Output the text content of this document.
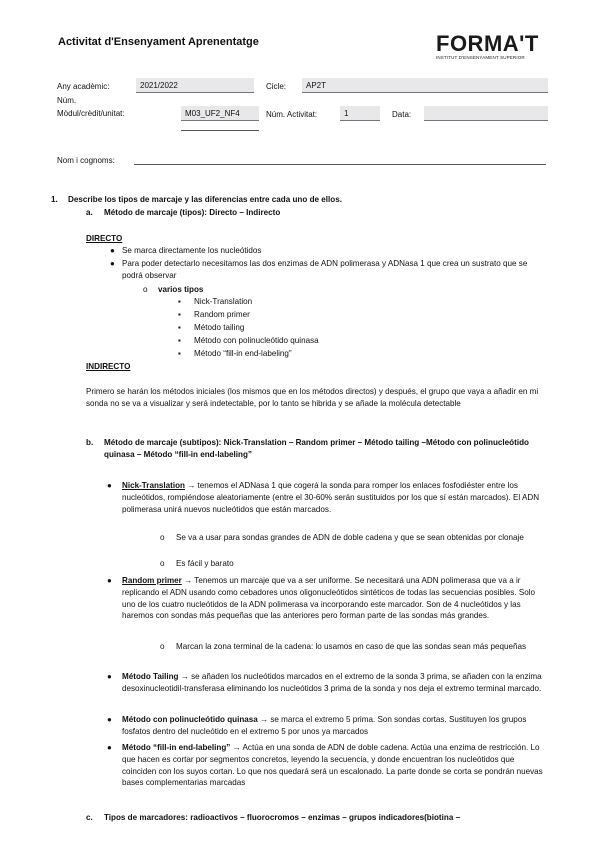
Activitat d'Ensenyament Aprenentatge	FORMA'T
INSTITUT D'ENSENYAMENT SUPERIOR
Any acadèmic:	2021/2022	Cicle:	AP2T
Núm.
Mòdul/crèdit/unitat:	M03_UF2_NF4	Núm. Activitat:	1	Data:
Nom i cognoms:
1. Describe los tipos de marcaje y las diferencias entre cada uno de ellos.
a. Método de marcaje (tipos): Directo – Indirecto
DIRECTO
● Se marca directamente los nucleótidos
● Para poder detectarlo necesitamos las dos enzimas de ADN polimerasa y ADNasa 1 que crea un sustrato que se podrá observar
o varios tipos
▪ Nick-Translation
▪ Random primer
▪ Método tailing
▪ Método con polinucleótido quinasa
▪ Método “fill-in end-labeling”
INDIRECTO
Primero se harán los métodos iniciales (los mismos que en los métodos directos) y después, el grupo que vaya a añadir en mi sonda no se va a visualizar y será indetectable, por lo tanto se hibrida y se añade la molécula detectable
b. Método de marcaje (subtipos): Nick-Translation – Random primer – Método tailing –Método con polinucleótido quinasa – Método “fill-in end-labeling”
● Nick-Translation → tenemos el ADNasa 1 que cogerá la sonda para romper los enlaces fosfodiéster entre los nucleótidos, rompiéndose aleatoriamente (entre el 30-60% serán sustituidos por los que sí están marcados). El ADN polimerasa unirá nuevos nucleótidos que están marcados.
o Se va a usar para sondas grandes de ADN de doble cadena y que se sean obtenidas por clonaje
o Es fácil y barato
● Random primer → Tenemos un marcaje que va a ser uniforme. Se necesitará una ADN polimerasa que va a ir replicando el ADN usando como cebadores unos oligonucleótidos sintéticos de todas las secuencias posibles. Solo uno de los cuatro nucleótidos de la ADN polimerasa va incorporando este marcador. Son de 4 nucleótidos y las haremos con sondas más pequeñas que las anteriores pero forman parte de las sondas más grandes.
o Marcan la zona terminal de la cadena: lo usamos en caso de que las sondas sean más pequeñas
● Método Tailing → se añaden los nucleótidos marcados en el extremo de la sonda 3 prima, se añaden con la enzima desoxinucleotidil-transferasa eliminando los nucleótidos 3 prima de la sonda y nos deja el extremo terminal marcado.
● Método con polinucleótido quinasa → se marca el extremo 5 prima. Son sondas cortas. Sustituyen los grupos fosfatos dentro del nucleótido en el extremo 5 por unos ya marcados
● Método “fill-in end-labeling” → Actúa en una sonda de ADN de doble cadena. Actúa una enzima de restricción. Lo que hacen es cortar por segmentos concretos, leyendo la secuencia, y donde encuentran los nucleótidos que coinciden con los suyos cortan. Lo que nos quedará será un escalonado. La parte donde se corta se pondrán nuevas bases complementarias marcadas
c. Tipos de marcadores: radioactivos – fluorocromos – enzimas – grupos indicadores(biotina –
